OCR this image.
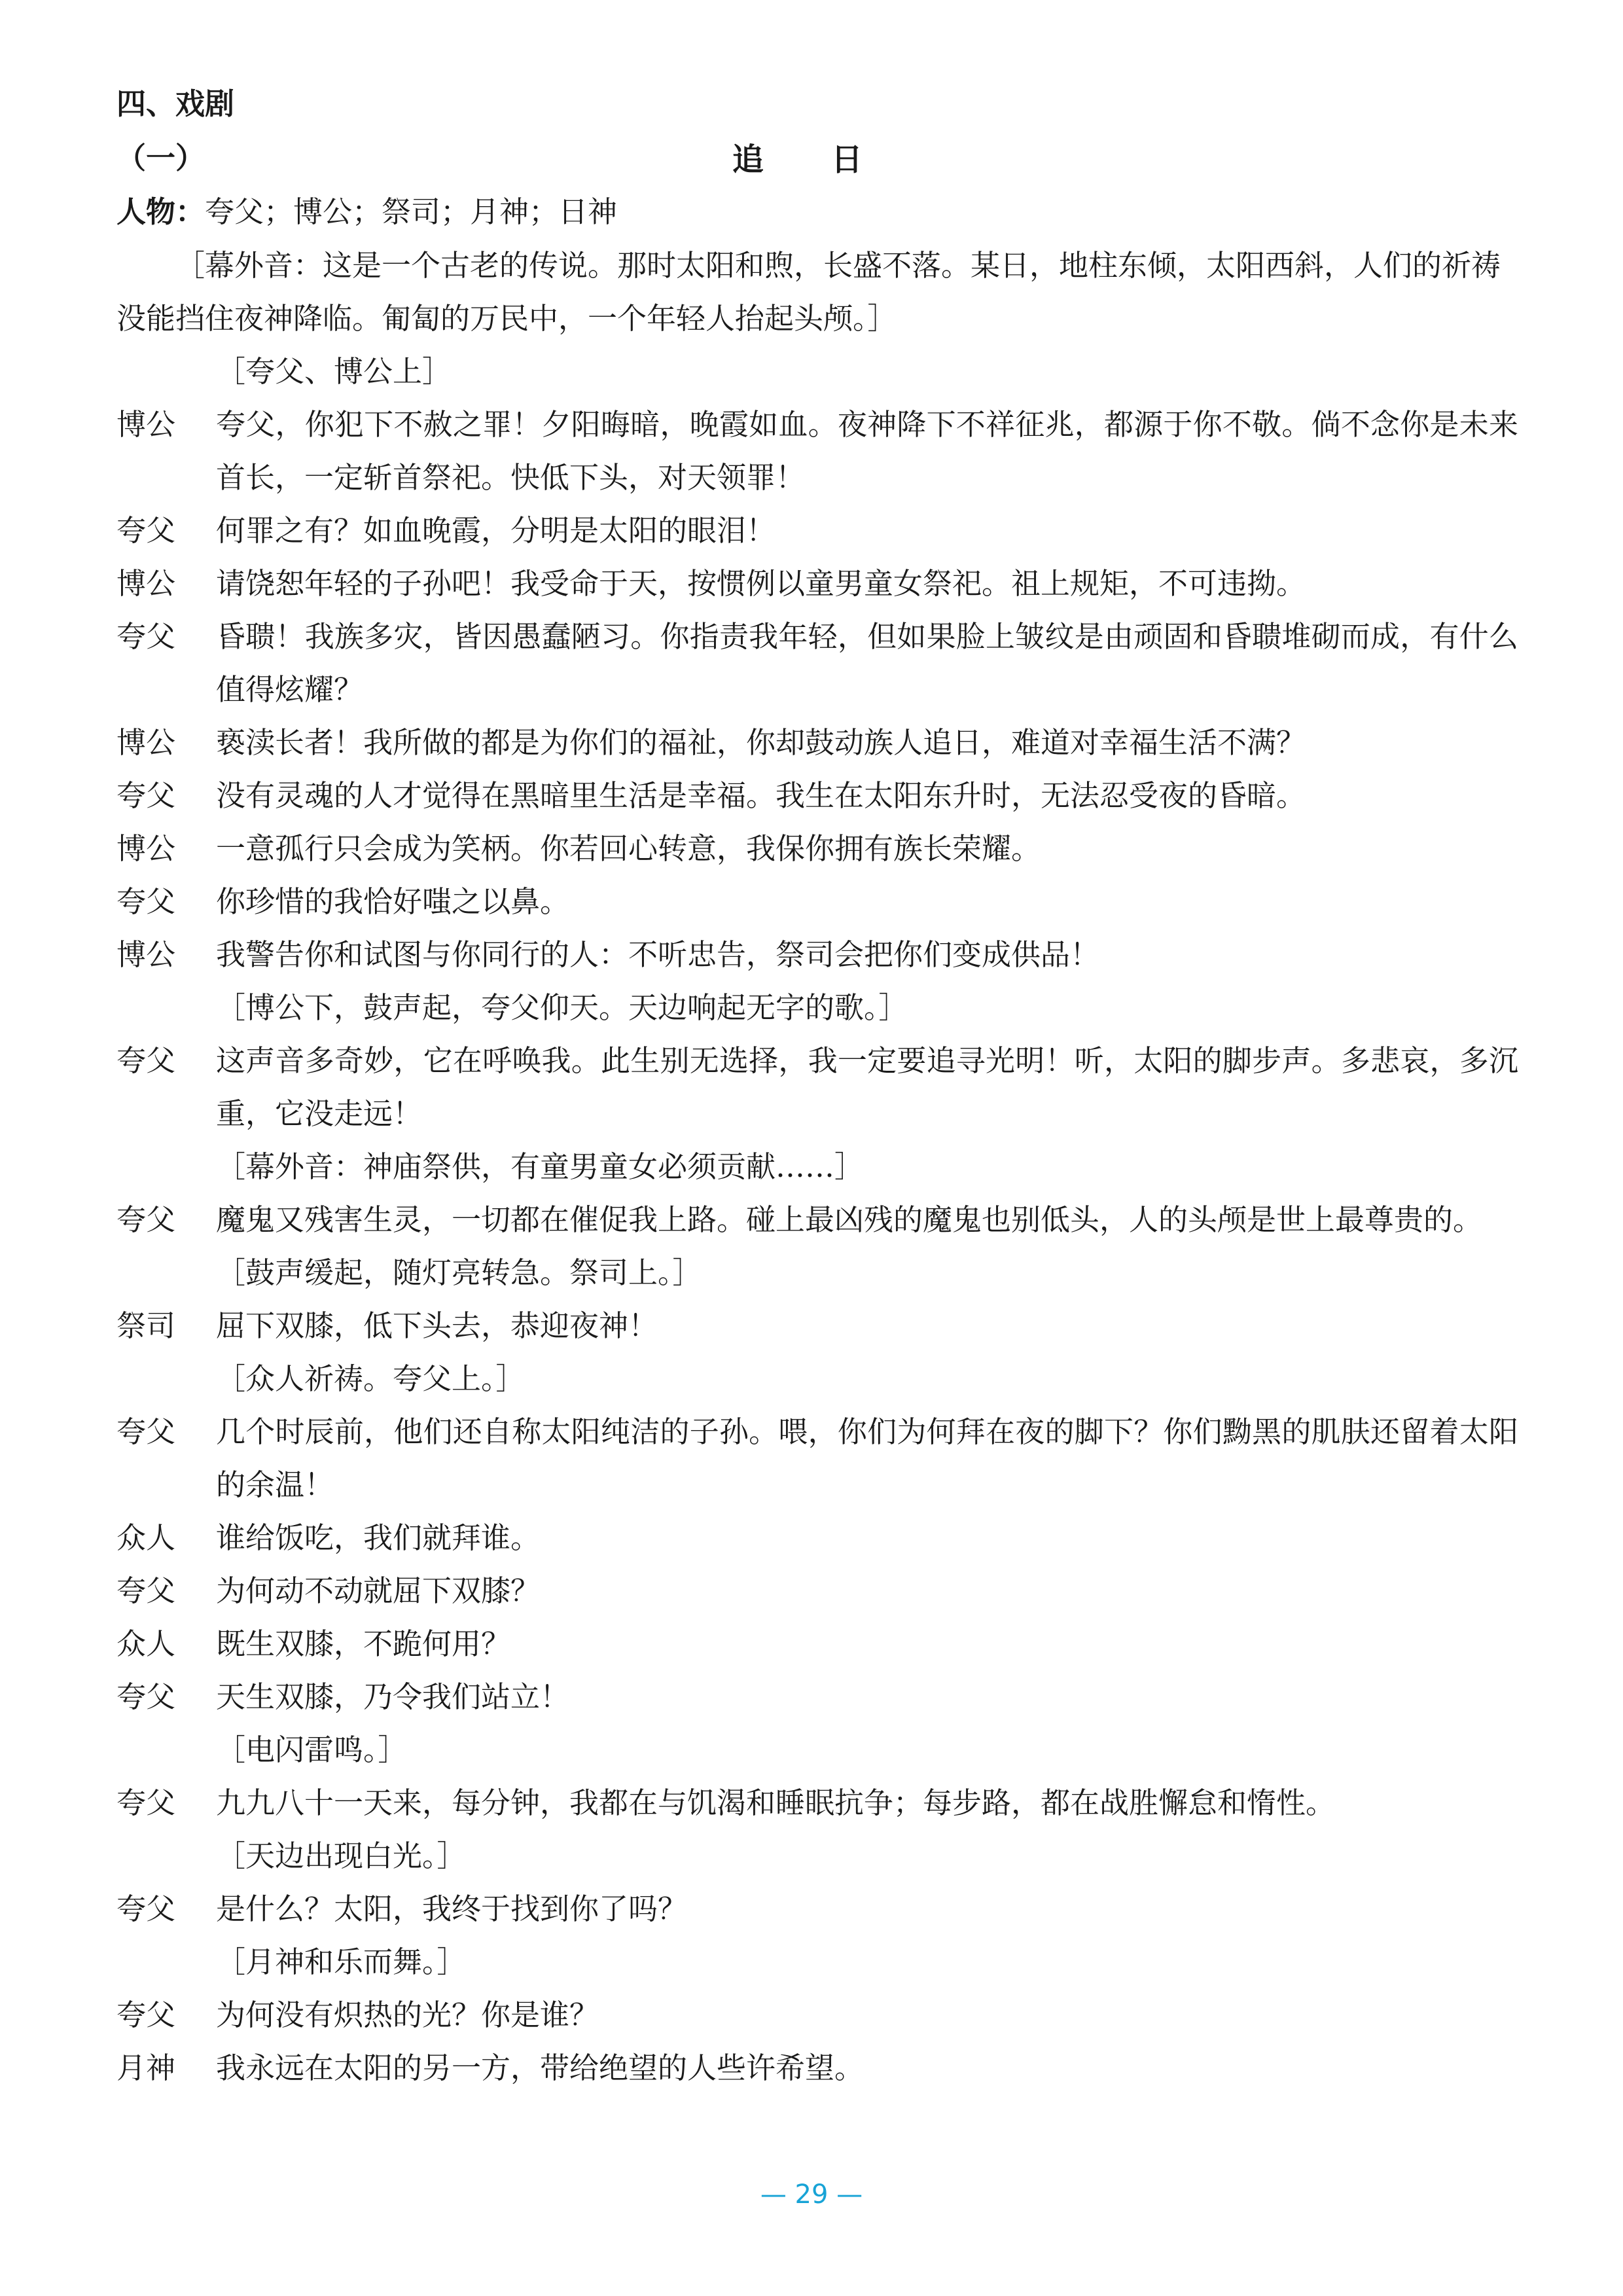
四、戏剧
（一）	追 日
人物：夸父；博公；祭司；月神；日神
［幕外音：这是一个古老的传说。那时太阳和煦，长盛不落。某日，地柱东倾，太阳西斜，人们的祈祷没能挡住夜神降临。匍匐的万民中，一个年轻人抬起头颅。］
［夸父、博公上］
博公	夸父，你犯下不赦之罪！夕阳晦暗，晚霞如血。夜神降下不祥征兆，都源于你不敬。倘不念你是未来首长，一定斩首祭祀。快低下头，对天领罪！
夸父	何罪之有？如血晚霞，分明是太阳的眼泪！
博公	请饶恕年轻的子孙吧！我受命于天，按惯例以童男童女祭祀。祖上规矩，不可违拗。
夸父	昏聩！我族多灾，皆因愚蠢陋习。你指责我年轻，但如果脸上皱纹是由顽固和昏聩堆砌而成，有什么值得炫耀？
博公	亵渎长者！我所做的都是为你们的福祉，你却鼓动族人追日，难道对幸福生活不满？
夸父	没有灵魂的人才觉得在黑暗里生活是幸福。我生在太阳东升时，无法忍受夜的昏暗。
博公	一意孤行只会成为笑柄。你若回心转意，我保你拥有族长荣耀。
夸父	你珍惜的我恰好嗤之以鼻。
博公	我警告你和试图与你同行的人：不听忠告，祭司会把你们变成供品！
［博公下，鼓声起，夸父仰天。天边响起无字的歌。］
夸父	这声音多奇妙，它在呼唤我。此生别无选择，我一定要追寻光明！听，太阳的脚步声。多悲哀，多沉重，它没走远！
［幕外音：神庙祭供，有童男童女必须贡献……］
夸父	魔鬼又残害生灵，一切都在催促我上路。碰上最凶残的魔鬼也别低头，人的头颅是世上最尊贵的。
［鼓声缓起，随灯亮转急。祭司上。］
祭司	屈下双膝，低下头去，恭迎夜神！
［众人祈祷。夸父上。］
夸父	几个时辰前，他们还自称太阳纯洁的子孙。喂，你们为何拜在夜的脚下？你们黝黑的肌肤还留着太阳的余温！
众人	谁给饭吃，我们就拜谁。
夸父	为何动不动就屈下双膝？
众人	既生双膝，不跪何用？
夸父	天生双膝，乃令我们站立！
［电闪雷鸣。］
夸父	九九八十一天来，每分钟，我都在与饥渴和睡眠抗争；每步路，都在战胜懈怠和惰性。
［天边出现白光。］
夸父	是什么？太阳，我终于找到你了吗？
［月神和乐而舞。］
夸父	为何没有炽热的光？你是谁？
月神	我永远在太阳的另一方，带给绝望的人些许希望。
— 29 —
